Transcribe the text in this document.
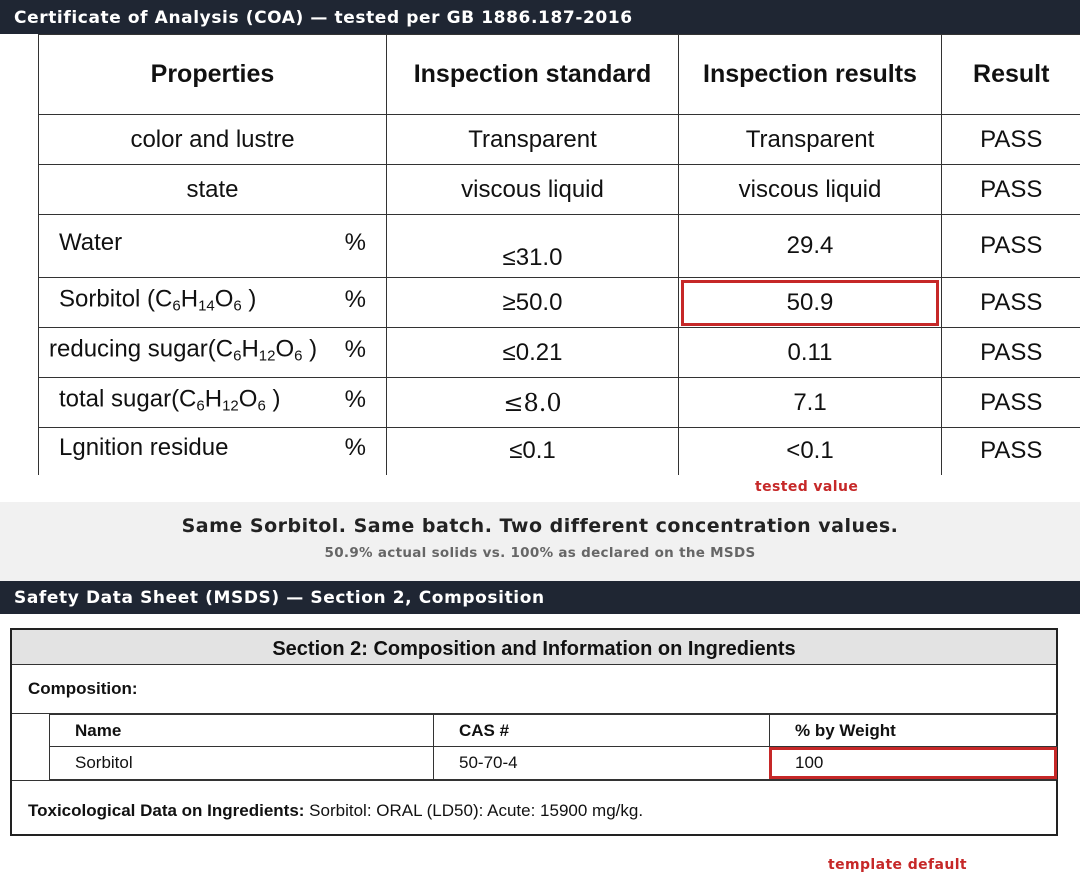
Certificate of Analysis (COA) — tested per GB 1886.187-2016
Properties	Inspection standard	Inspection results	Result
color and lustre	Transparent	Transparent	PASS
state	viscous liquid	viscous liquid	PASS

Water %	≤31.0	29.4	PASS

Sorbitol ($C_6H_{14}O_6$ ) %	≥50.0	50.9	PASS

reducing $sugar(C_6H_{12}O_6$ ) %	≤0.21	0.11	PASS

total $sugar(C_6H_{12}O_6$ ) %	≤8.0	7.1	PASS

Lgnition residue %	≤0.1	<0.1	PASS
tested value
Same Sorbitol. Same batch. Two different concentration values.
50.9% actual solids vs. 100% as declared on the MSDS
Safety Data Sheet (MSDS) — Section 2, Composition
Section 2: Composition and Information on Ingredients
Composition:
Name	CAS #	% by Weight
Sorbitol	50-70-4	100
Toxicological Data on Ingredients: Sorbitol: ORAL (LD50): Acute: 15900 mg/kg.
template default
